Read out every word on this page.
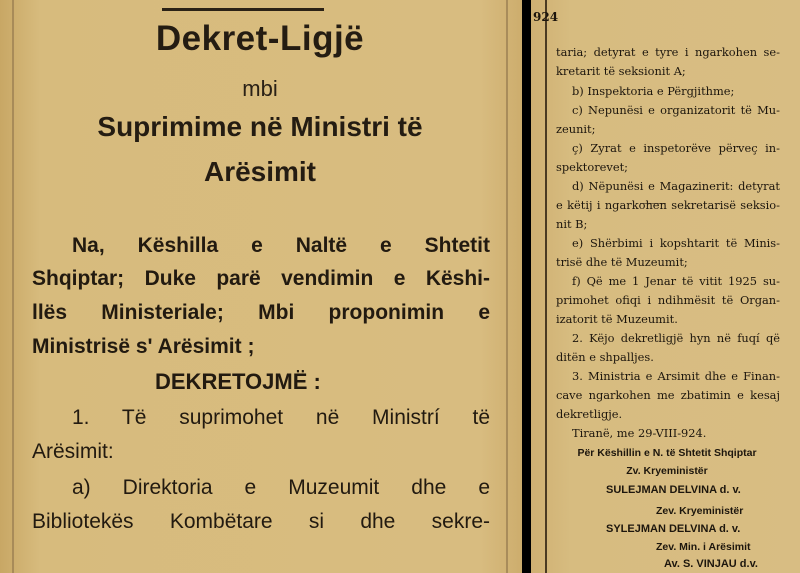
Dekret-Ligjë
mbi
Suprimime në Ministri të
Arësimit
Na, Këshilla e Naltë e Shtetit
Shqiptar; Duke parë vendimin e Këshi-
llës Ministeriale; Mbi proponimin e
Ministrisë s' Arësimit ;
DEKRETOJMË :
1. Të suprimohet në Ministrí të
Arësimit:
a) Direktoria e Muzeumit dhe e
Bibliotekës Kombëtare si dhe sekre-
924
taria; detyrat e tyre i ngarkohen se-
kretarit të seksionit A;
b) Inspektoria e Përgjithme;
c) Nepunësi e organizatorit të Mu-
zeunit;
ç) Zyrat e inspetorëve përveç in-
spektorevet;
d) Nëpunësi e Magazinerit: detyrat
e këtij i ngarkohen sekretarisë seksio-
nit B;
e) Shërbimi i kopshtarit të Minis-
trisë dhe të Muzeumit;
f) Që me 1 Jenar të vitit 1925 su-
primohet ofiqi i ndihmësit të Organ-
izatorit të Muzeumit.
2. Këjo dekretligjë hyn në fuqí që
ditën e shpalljes.
3. Ministria e Arsimit dhe e Finan-
cave ngarkohen me zbatimin e kesaj
dekretligje.
Tiranë, me 29-VIII-924.
Për Këshillin e N. të Shtetit Shqiptar
Zv. Kryeministër
SULEJMAN DELVINA d. v.
Zev. Kryeministër
SYLEJMAN DELVINA d. v.
Zev. Min. i Arësimit
Av. S. VINJAU d.v.
